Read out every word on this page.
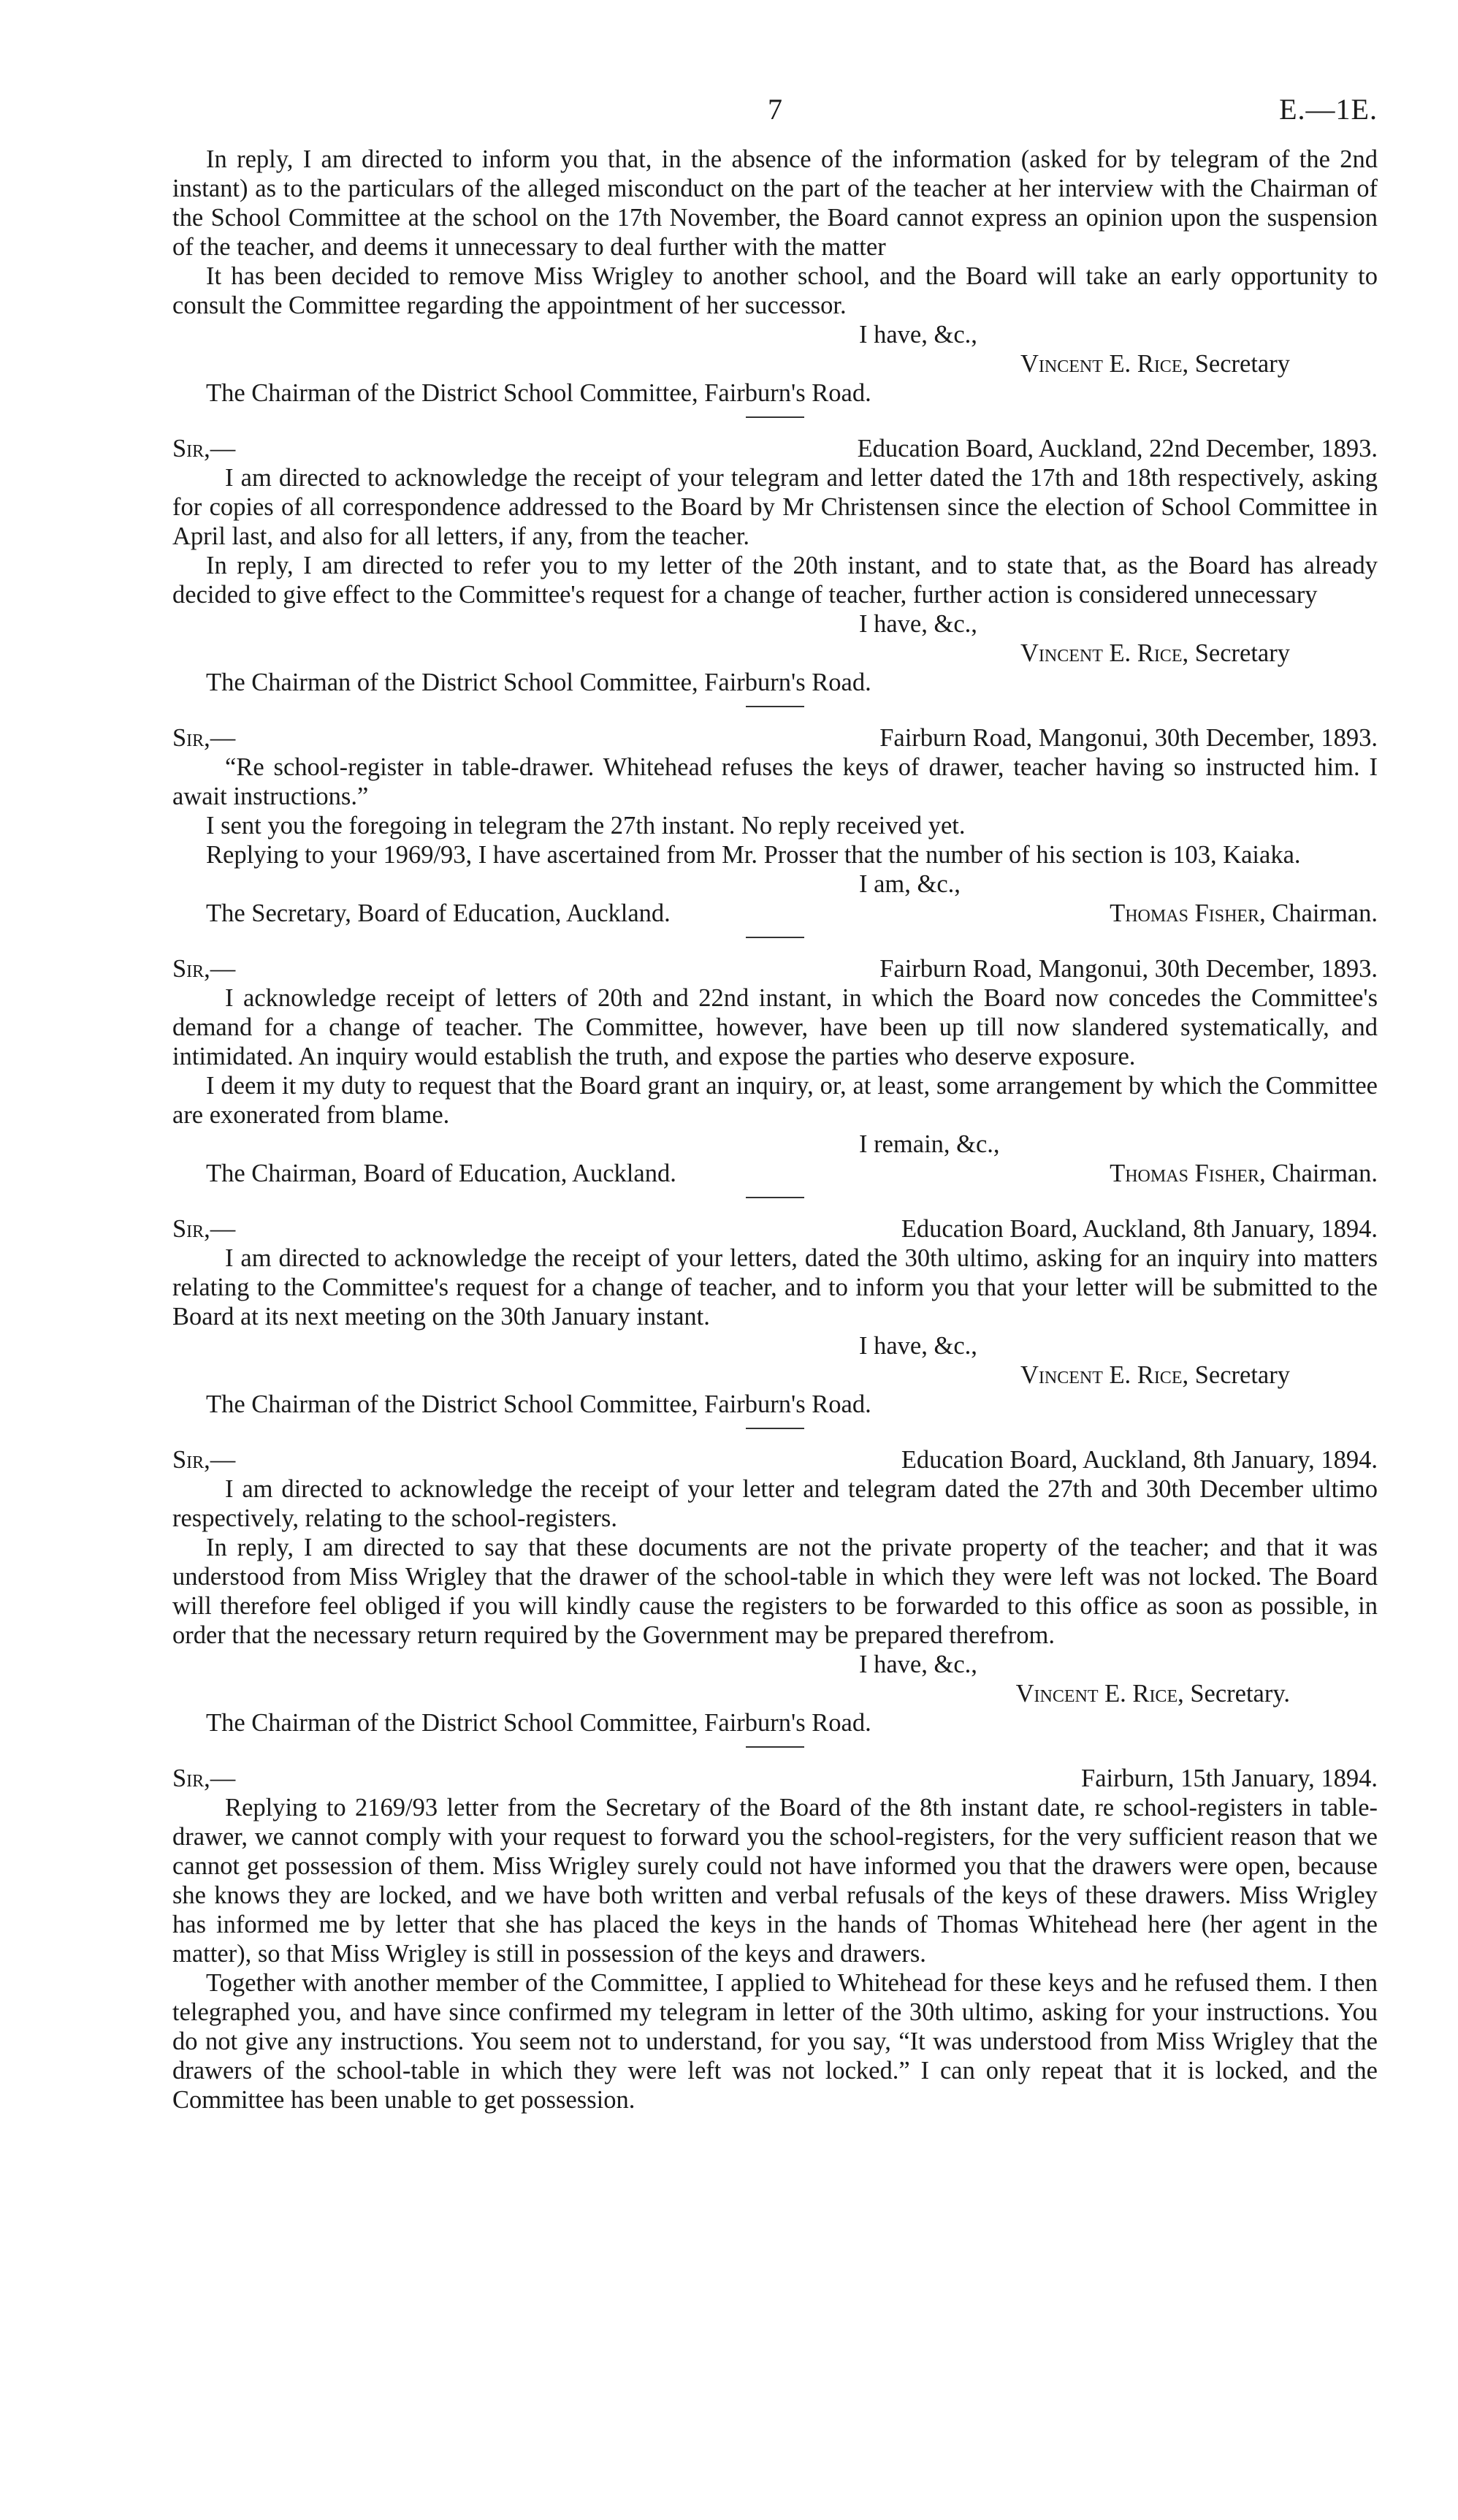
7	E.—1E.

In reply, I am directed to inform you that, in the absence of the information (asked for by telegram of the 2nd instant) as to the particulars of the alleged misconduct on the part of the teacher at her interview with the Chairman of the School Committee at the school on the 17th November, the Board cannot express an opinion upon the suspension of the teacher, and deems it unnecessary to deal further with the matter

It has been decided to remove Miss Wrigley to another school, and the Board will take an early opportunity to consult the Committee regarding the appointment of her successor.

I have, &c.,
Vincent E. Rice, Secretary
The Chairman of the District School Committee, Fairburn's Road.
Sir,—	Education Board, Auckland, 22nd December, 1893.

I am directed to acknowledge the receipt of your telegram and letter dated the 17th and 18th respectively, asking for copies of all correspondence addressed to the Board by Mr Christensen since the election of School Committee in April last, and also for all letters, if any, from the teacher.

In reply, I am directed to refer you to my letter of the 20th instant, and to state that, as the Board has already decided to give effect to the Committee's request for a change of teacher, further action is considered unnecessary

I have, &c.,
Vincent E. Rice, Secretary
The Chairman of the District School Committee, Fairburn's Road.
Sir,—	Fairburn Road, Mangonui, 30th December, 1893.

“Re school-register in table-drawer. Whitehead refuses the keys of drawer, teacher having so instructed him. I await instructions.”

I sent you the foregoing in telegram the 27th instant. No reply received yet.

Replying to your 1969/93, I have ascertained from Mr. Prosser that the number of his section is 103, Kaiaka.

I am, &c.,
The Secretary, Board of Education, Auckland.	Thomas Fisher, Chairman.
Sir,—	Fairburn Road, Mangonui, 30th December, 1893.

I acknowledge receipt of letters of 20th and 22nd instant, in which the Board now concedes the Committee's demand for a change of teacher. The Committee, however, have been up till now slandered systematically, and intimidated. An inquiry would establish the truth, and expose the parties who deserve exposure.

I deem it my duty to request that the Board grant an inquiry, or, at least, some arrangement by which the Committee are exonerated from blame.

I remain, &c.,
The Chairman, Board of Education, Auckland.	Thomas Fisher, Chairman.
Sir,—	Education Board, Auckland, 8th January, 1894.

I am directed to acknowledge the receipt of your letters, dated the 30th ultimo, asking for an inquiry into matters relating to the Committee's request for a change of teacher, and to inform you that your letter will be submitted to the Board at its next meeting on the 30th January instant.

I have, &c.,
Vincent E. Rice, Secretary
The Chairman of the District School Committee, Fairburn's Road.
Sir,—	Education Board, Auckland, 8th January, 1894.

I am directed to acknowledge the receipt of your letter and telegram dated the 27th and 30th December ultimo respectively, relating to the school-registers.

In reply, I am directed to say that these documents are not the private property of the teacher; and that it was understood from Miss Wrigley that the drawer of the school-table in which they were left was not locked. The Board will therefore feel obliged if you will kindly cause the registers to be forwarded to this office as soon as possible, in order that the necessary return required by the Government may be prepared therefrom.

I have, &c.,
Vincent E. Rice, Secretary.
The Chairman of the District School Committee, Fairburn's Road.
Sir,—	Fairburn, 15th January, 1894.

Replying to 2169/93 letter from the Secretary of the Board of the 8th instant date, re school-registers in table-drawer, we cannot comply with your request to forward you the school-registers, for the very sufficient reason that we cannot get possession of them. Miss Wrigley surely could not have informed you that the drawers were open, because she knows they are locked, and we have both written and verbal refusals of the keys of these drawers. Miss Wrigley has informed me by letter that she has placed the keys in the hands of Thomas Whitehead here (her agent in the matter), so that Miss Wrigley is still in possession of the keys and drawers.

Together with another member of the Committee, I applied to Whitehead for these keys and he refused them. I then telegraphed you, and have since confirmed my telegram in letter of the 30th ultimo, asking for your instructions. You do not give any instructions. You seem not to understand, for you say, “It was understood from Miss Wrigley that the drawers of the school-table in which they were left was not locked.” I can only repeat that it is locked, and the Committee has been unable to get possession.
